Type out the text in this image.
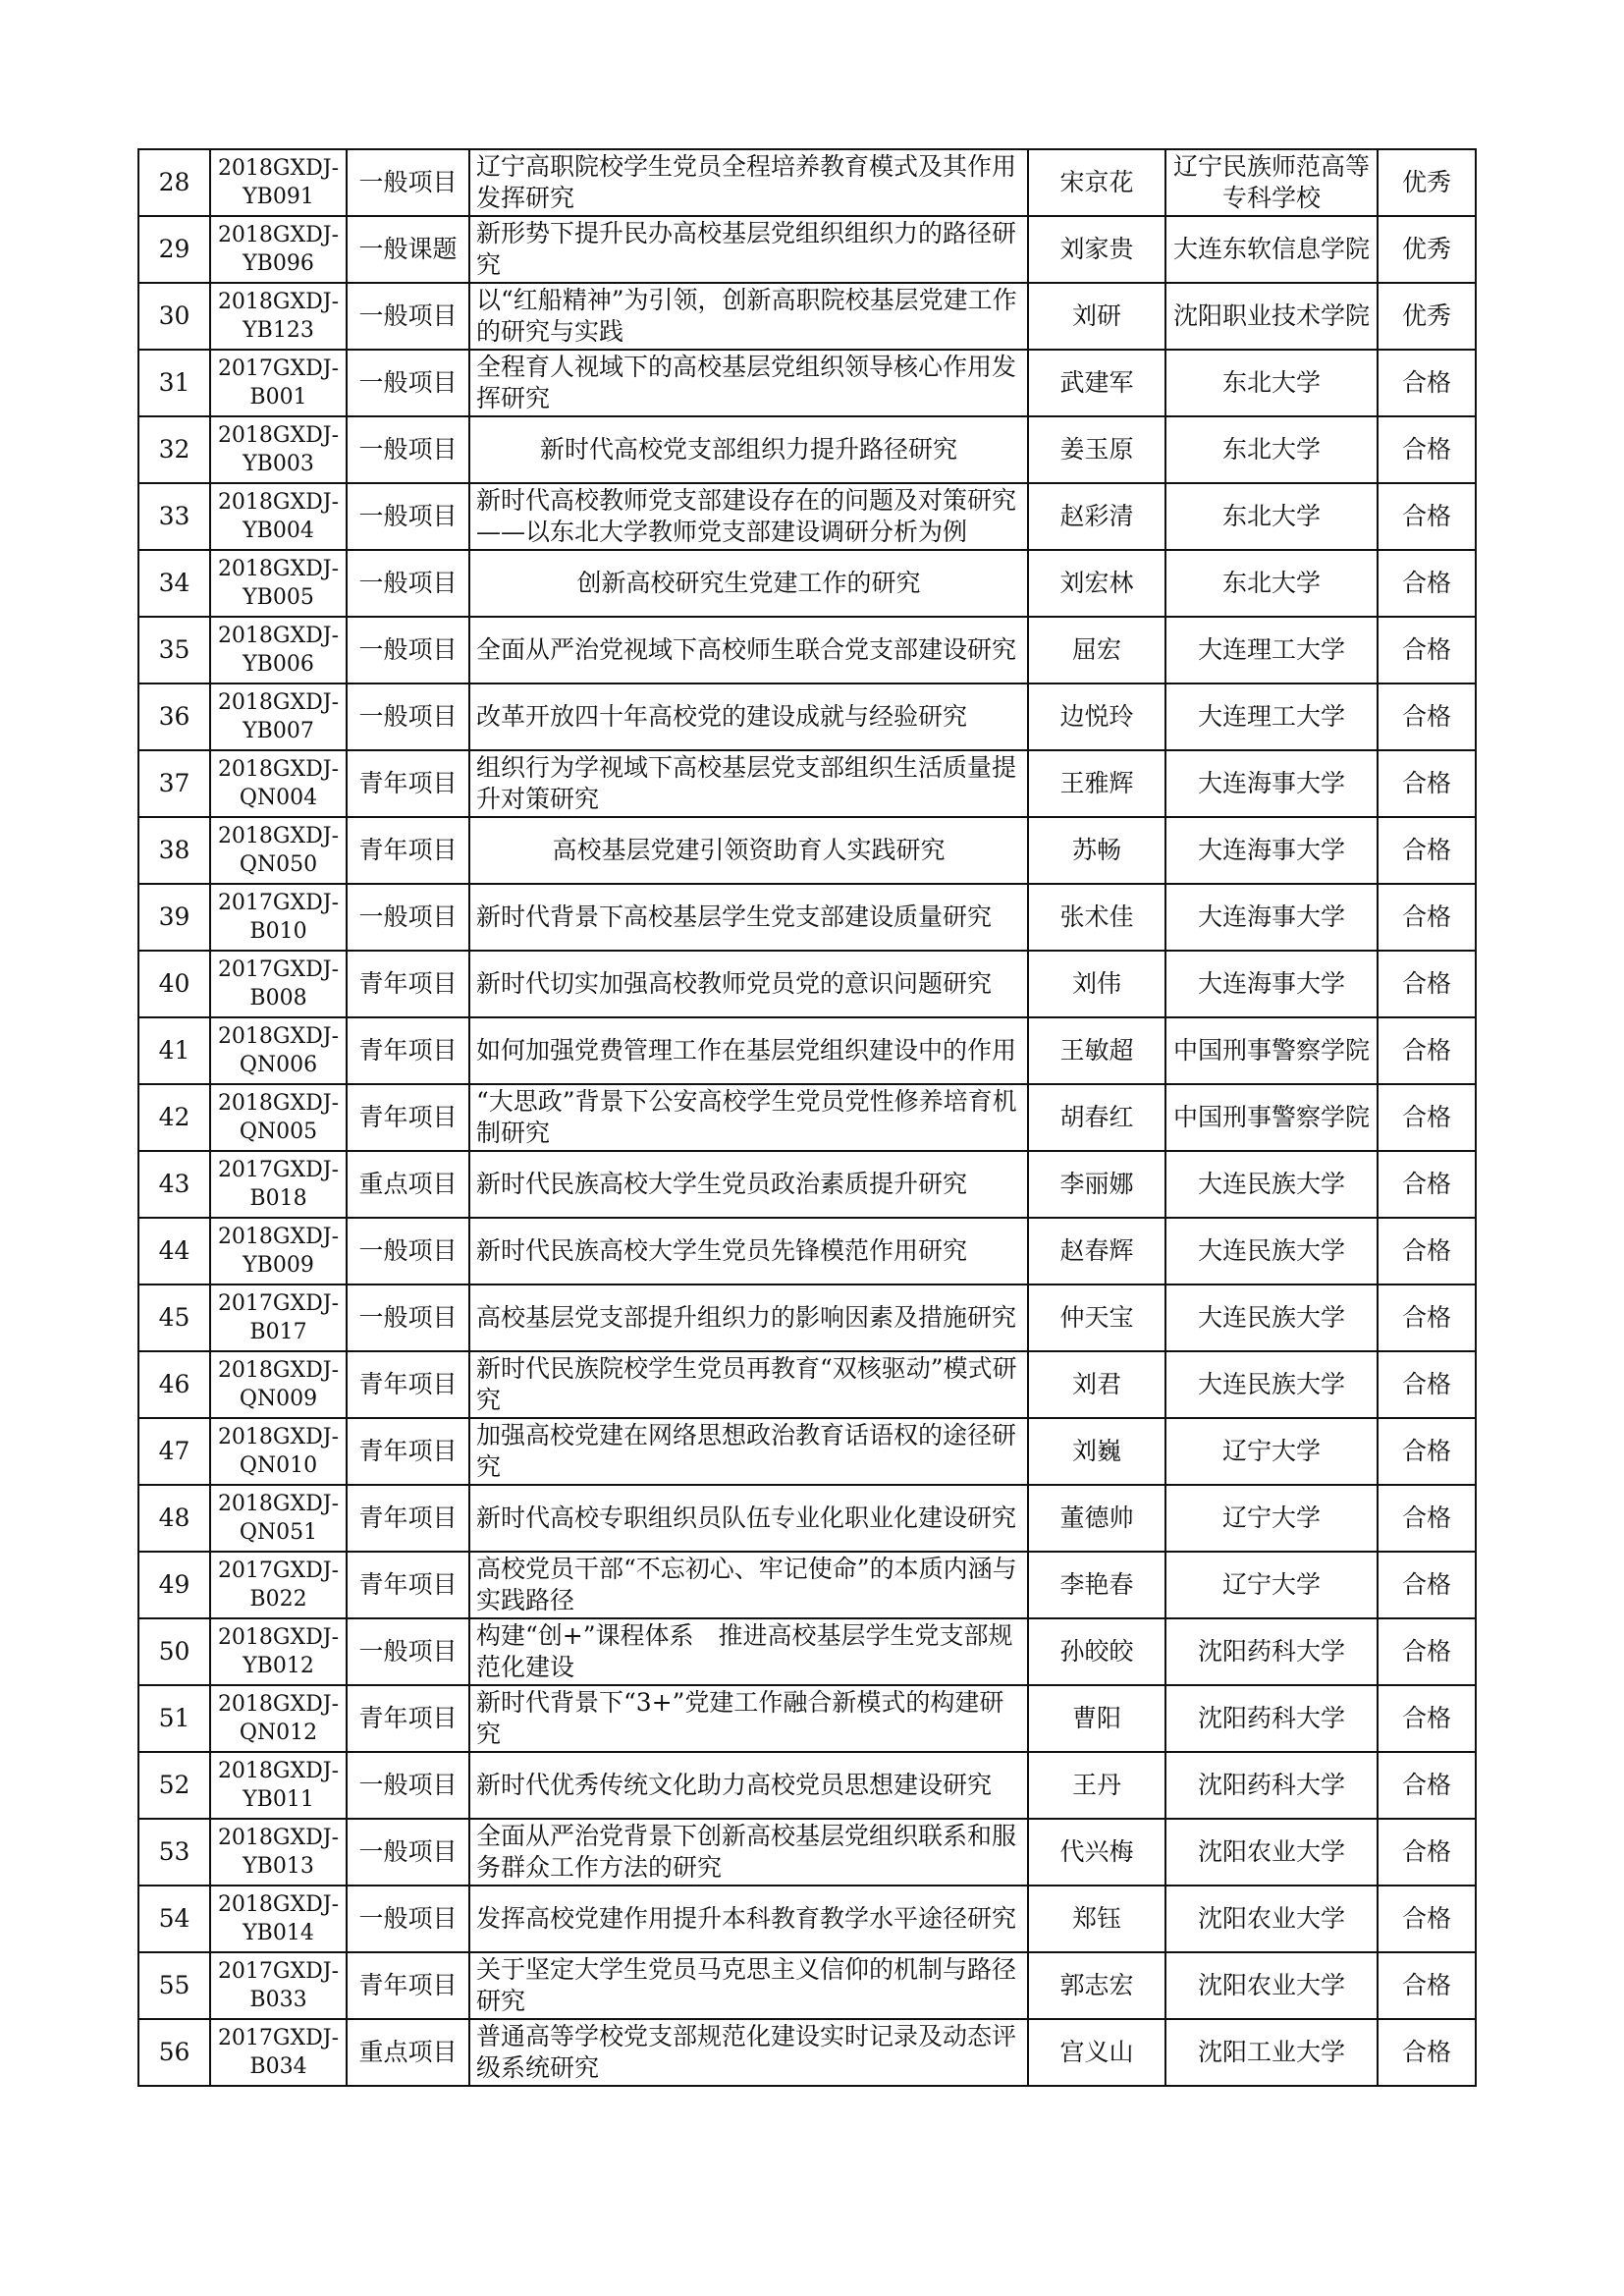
28	2018GXDJ-YB091	一般项目	辽宁高职院校学生党员全程培养教育模式及其作用发挥研究	宋京花	辽宁民族师范高等专科学校	优秀
29	2018GXDJ-YB096	一般课题	新形势下提升民办高校基层党组织组织力的路径研究	刘家贵	大连东软信息学院	优秀
30	2018GXDJ-YB123	一般项目	以“红船精神”为引领，创新高职院校基层党建工作的研究与实践	刘研	沈阳职业技术学院	优秀
31	2017GXDJ-B001	一般项目	全程育人视域下的高校基层党组织领导核心作用发挥研究	武建军	东北大学	合格
32	2018GXDJ-YB003	一般项目	新时代高校党支部组织力提升路径研究	姜玉原	东北大学	合格
33	2018GXDJ-YB004	一般项目	新时代高校教师党支部建设存在的问题及对策研究——以东北大学教师党支部建设调研分析为例	赵彩清	东北大学	合格
34	2018GXDJ-YB005	一般项目	创新高校研究生党建工作的研究	刘宏林	东北大学	合格
35	2018GXDJ-YB006	一般项目	全面从严治党视域下高校师生联合党支部建设研究	屈宏	大连理工大学	合格
36	2018GXDJ-YB007	一般项目	改革开放四十年高校党的建设成就与经验研究	边悦玲	大连理工大学	合格
37	2018GXDJ-QN004	青年项目	组织行为学视域下高校基层党支部组织生活质量提升对策研究	王雅辉	大连海事大学	合格
38	2018GXDJ-QN050	青年项目	高校基层党建引领资助育人实践研究	苏畅	大连海事大学	合格
39	2017GXDJ-B010	一般项目	新时代背景下高校基层学生党支部建设质量研究	张术佳	大连海事大学	合格
40	2017GXDJ-B008	青年项目	新时代切实加强高校教师党员党的意识问题研究	刘伟	大连海事大学	合格
41	2018GXDJ-QN006	青年项目	如何加强党费管理工作在基层党组织建设中的作用	王敏超	中国刑事警察学院	合格
42	2018GXDJ-QN005	青年项目	“大思政”背景下公安高校学生党员党性修养培育机制研究	胡春红	中国刑事警察学院	合格
43	2017GXDJ-B018	重点项目	新时代民族高校大学生党员政治素质提升研究	李丽娜	大连民族大学	合格
44	2018GXDJ-YB009	一般项目	新时代民族高校大学生党员先锋模范作用研究	赵春辉	大连民族大学	合格
45	2017GXDJ-B017	一般项目	高校基层党支部提升组织力的影响因素及措施研究	仲天宝	大连民族大学	合格
46	2018GXDJ-QN009	青年项目	新时代民族院校学生党员再教育“双核驱动”模式研究	刘君	大连民族大学	合格
47	2018GXDJ-QN010	青年项目	加强高校党建在网络思想政治教育话语权的途径研究	刘巍	辽宁大学	合格
48	2018GXDJ-QN051	青年项目	新时代高校专职组织员队伍专业化职业化建设研究	董德帅	辽宁大学	合格
49	2017GXDJ-B022	青年项目	高校党员干部“不忘初心、牢记使命”的本质内涵与实践路径	李艳春	辽宁大学	合格
50	2018GXDJ-YB012	一般项目	构建“创+”课程体系　推进高校基层学生党支部规范化建设	孙皎皎	沈阳药科大学	合格
51	2018GXDJ-QN012	青年项目	新时代背景下“3+”党建工作融合新模式的构建研究	曹阳	沈阳药科大学	合格
52	2018GXDJ-YB011	一般项目	新时代优秀传统文化助力高校党员思想建设研究	王丹	沈阳药科大学	合格
53	2018GXDJ-YB013	一般项目	全面从严治党背景下创新高校基层党组织联系和服务群众工作方法的研究	代兴梅	沈阳农业大学	合格
54	2018GXDJ-YB014	一般项目	发挥高校党建作用提升本科教育教学水平途径研究	郑钰	沈阳农业大学	合格
55	2017GXDJ-B033	青年项目	关于坚定大学生党员马克思主义信仰的机制与路径研究	郭志宏	沈阳农业大学	合格
56	2017GXDJ-B034	重点项目	普通高等学校党支部规范化建设实时记录及动态评级系统研究	宫义山	沈阳工业大学	合格
